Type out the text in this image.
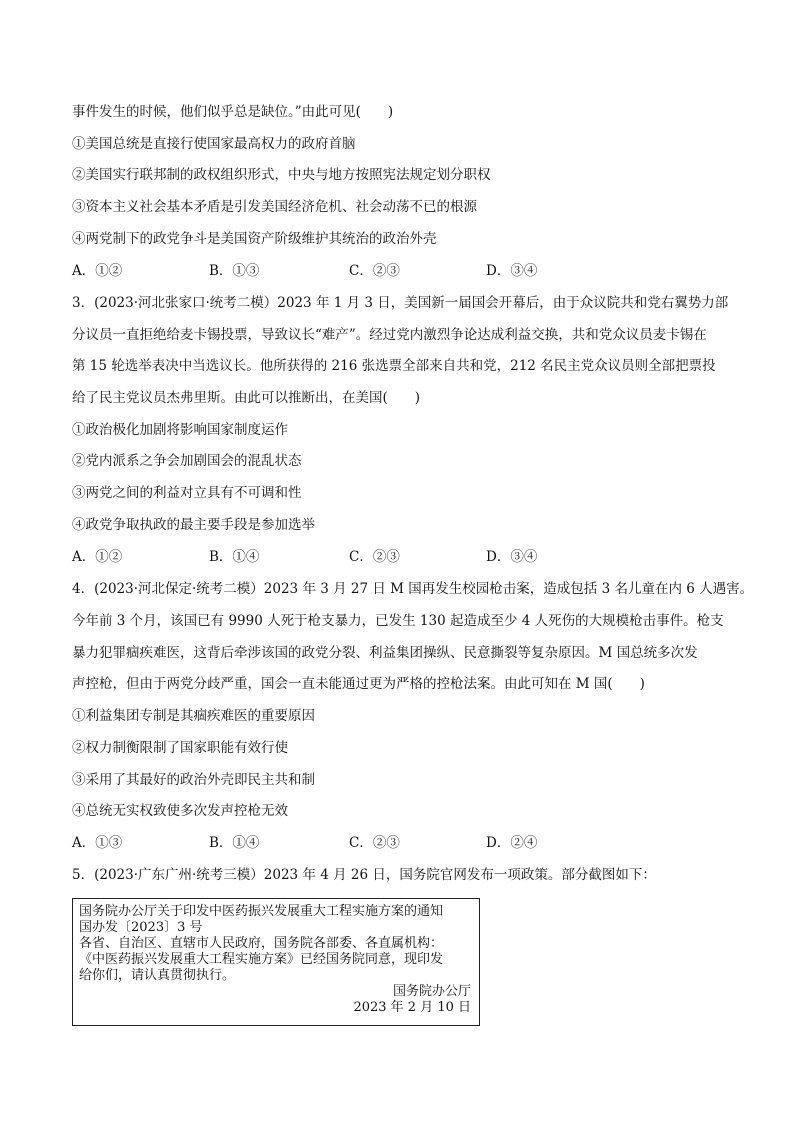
事件发生的时候，他们似乎总是缺位。”由此可见(　　)
①美国总统是直接行使国家最高权力的政府首脑
②美国实行联邦制的政权组织形式，中央与地方按照宪法规定划分职权
③资本主义社会基本矛盾是引发美国经济危机、社会动荡不已的根源
④两党制下的政党争斗是美国资产阶级维护其统治的政治外壳
A．①②	B．①③	C．②③	D．③④
3．(2023·河北张家口·统考二模）2023 年 1 月 3 日，美国新一届国会开幕后，由于众议院共和党右翼势力部
分议员一直拒绝给麦卡锡投票，导致议长“难产”。经过党内激烈争论达成利益交换，共和党众议员麦卡锡在
第 15 轮选举表决中当选议长。他所获得的 216 张选票全部来自共和党，212 名民主党众议员则全部把票投
给了民主党议员杰弗里斯。由此可以推断出，在美国(　　)
①政治极化加剧将影响国家制度运作
②党内派系之争会加剧国会的混乱状态
③两党之间的利益对立具有不可调和性
④政党争取执政的最主要手段是参加选举
A．①②	B．①④	C．②③	D．③④
4．(2023·河北保定·统考二模）2023 年 3 月 27 日 M 国再发生校园枪击案，造成包括 3 名儿童在内 6 人遇害。
今年前 3 个月，该国已有 9990 人死于枪支暴力，已发生 130 起造成至少 4 人死伤的大规模枪击事件。枪支
暴力犯罪痼疾难医，这背后牵涉该国的政党分裂、利益集团操纵、民意撕裂等复杂原因。M 国总统多次发
声控枪，但由于两党分歧严重，国会一直未能通过更为严格的控枪法案。由此可知在 M 国(　　)
①利益集团专制是其痼疾难医的重要原因
②权力制衡限制了国家职能有效行使
③采用了其最好的政治外壳即民主共和制
④总统无实权致使多次发声控枪无效
A．①③	B．①④	C．②③	D．②④
5．(2023·广东广州·统考三模）2023 年 4 月 26 日，国务院官网发布一项政策。部分截图如下：
国务院办公厅关于印发中医药振兴发展重大工程实施方案的通知
国办发〔2023〕3 号
各省、自治区、直辖市人民政府，国务院各部委、各直属机构：
《中医药振兴发展重大工程实施方案》已经国务院同意，现印发
给你们，请认真贯彻执行。
国务院办公厅
2023 年 2 月 10 日
